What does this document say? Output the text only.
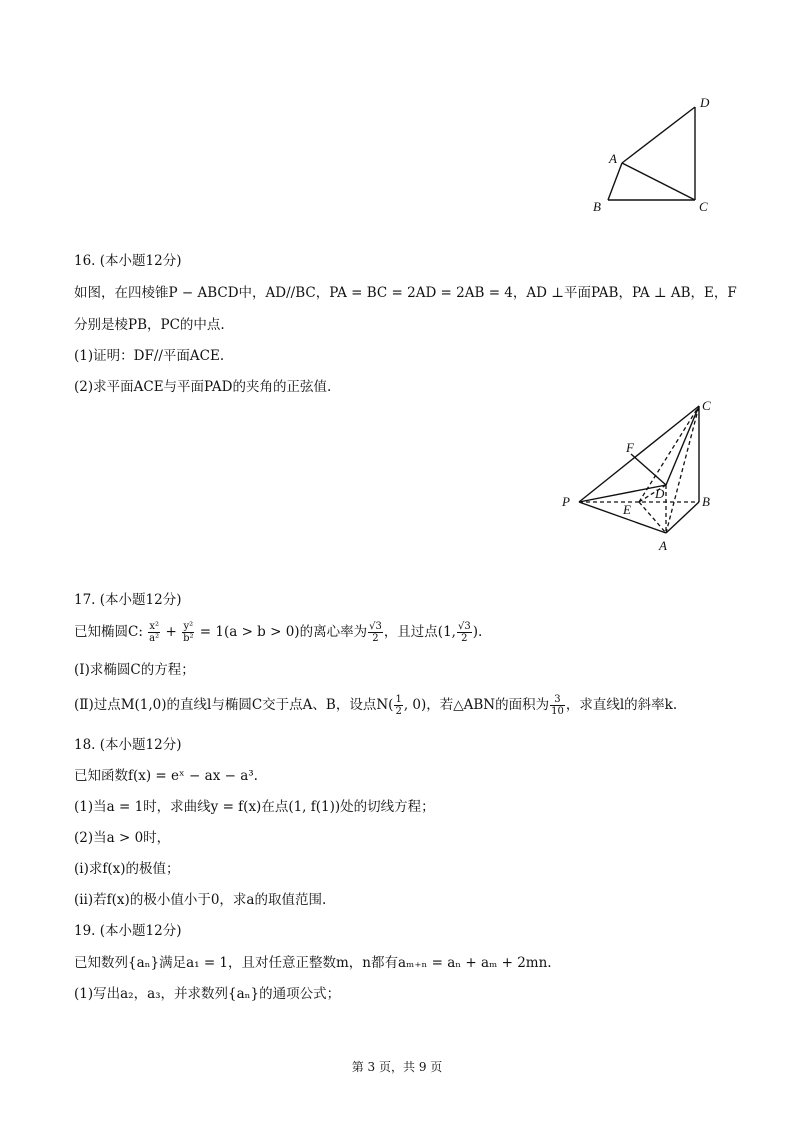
D
A
B	C
16. (本小题12分)
如图，在四棱锥P − ABCD中，AD//BC，PA = BC = 2AD = 2AB = 4，AD ⊥平面PAB，PA ⊥ AB，E，F
分别是棱PB，PC的中点.
(1)证明：DF//平面ACE.
(2)求平面ACE与平面PAD的夹角的正弦值.
C
F
D
P
E
B
A
17. (本小题12分)
已知椭圆C: $\frac{\text{x²}}{\text{a²}} + \frac{\text{y²}}{\text{b²}} = 1(a > b > 0)$的离心率为 $\frac{√3}{2}$ ，且过点(1, $\frac{√3}{2}$ ).
(Ⅰ)求椭圆C的方程；
(Ⅱ)过点M(1,0)的直线l与椭圆C交于点A、B，设点$N( \frac{1}{2}$ , 0)，若△ABN的面积为 $\frac{3}{10}$ ，求直线l的斜率k.
18. (本小题12分)
已知函数f(x) = eˣ − ax − a³.
(1)当a = 1时，求曲线y = f(x)在点(1, f(1))处的切线方程；
(2)当a > 0时，
(ⅰ)求f(x)的极值；
(ⅱ)若f(x)的极小值小于0，求a的取值范围.
19. (本小题12分)
已知数列{aₙ}满足a₁ = 1，且对任意正整数m，n都有aₘ₊ₙ = aₙ + aₘ + 2mn.
(1)写出a₂，a₃，并求数列{aₙ}的通项公式；
第 3 页，共 9 页
